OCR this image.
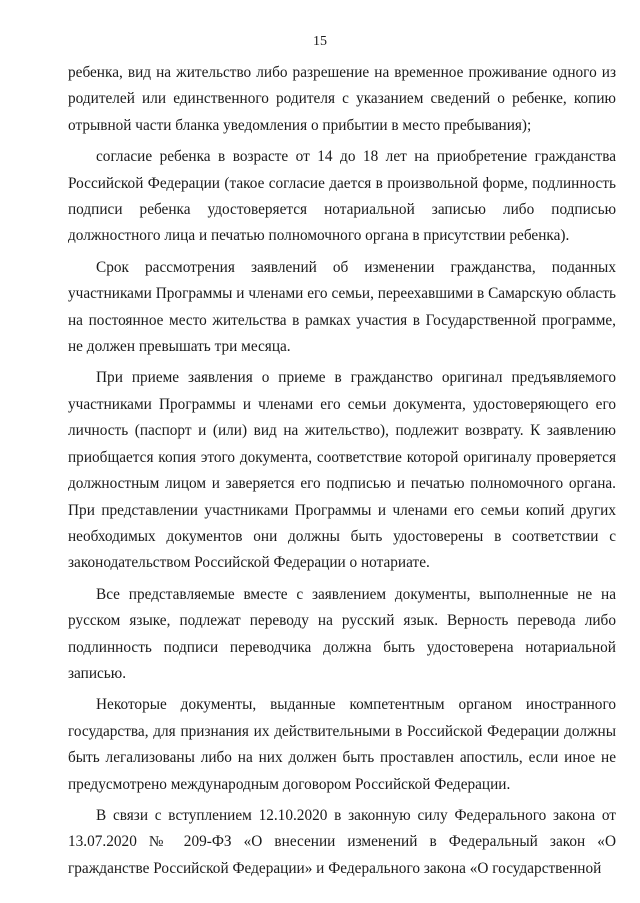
15

ребенка, вид на жительство либо разрешение на временное проживание одного из родителей или единственного родителя с указанием сведений о ребенке, копию отрывной части бланка уведомления о прибытии в место пребывания);

согласие ребенка в возрасте от 14 до 18 лет на приобретение гражданства Российской Федерации (такое согласие дается в произвольной форме, подлинность подписи ребенка удостоверяется нотариальной записью либо подписью должностного лица и печатью полномочного органа в присутствии ребенка).

Срок рассмотрения заявлений об изменении гражданства, поданных участниками Программы и членами его семьи, переехавшими в Самарскую область на постоянное место жительства в рамках участия в Государственной программе, не должен превышать три месяца.

При приеме заявления о приеме в гражданство оригинал предъявляемого участниками Программы и членами его семьи документа, удостоверяющего его личность (паспорт и (или) вид на жительство), подлежит возврату. К заявлению приобщается копия этого документа, соответствие которой оригиналу проверяется должностным лицом и заверяется его подписью и печатью полномочного органа. При представлении участниками Программы и членами его семьи копий других необходимых документов они должны быть удостоверены в соответствии с законодательством Российской Федерации о нотариате.

Все представляемые вместе с заявлением документы, выполненные не на русском языке, подлежат переводу на русский язык. Верность перевода либо подлинность подписи переводчика должна быть удостоверена нотариальной записью.

Некоторые документы, выданные компетентным органом иностранного государства, для признания их действительными в Российской Федерации должны быть легализованы либо на них должен быть проставлен апостиль, если иное не предусмотрено международным договором Российской Федерации.

В связи с вступлением 12.10.2020 в законную силу Федерального закона от 13.07.2020 № 209-ФЗ «О внесении изменений в Федеральный закон «О гражданстве Российской Федерации» и Федерального закона «О государственной
